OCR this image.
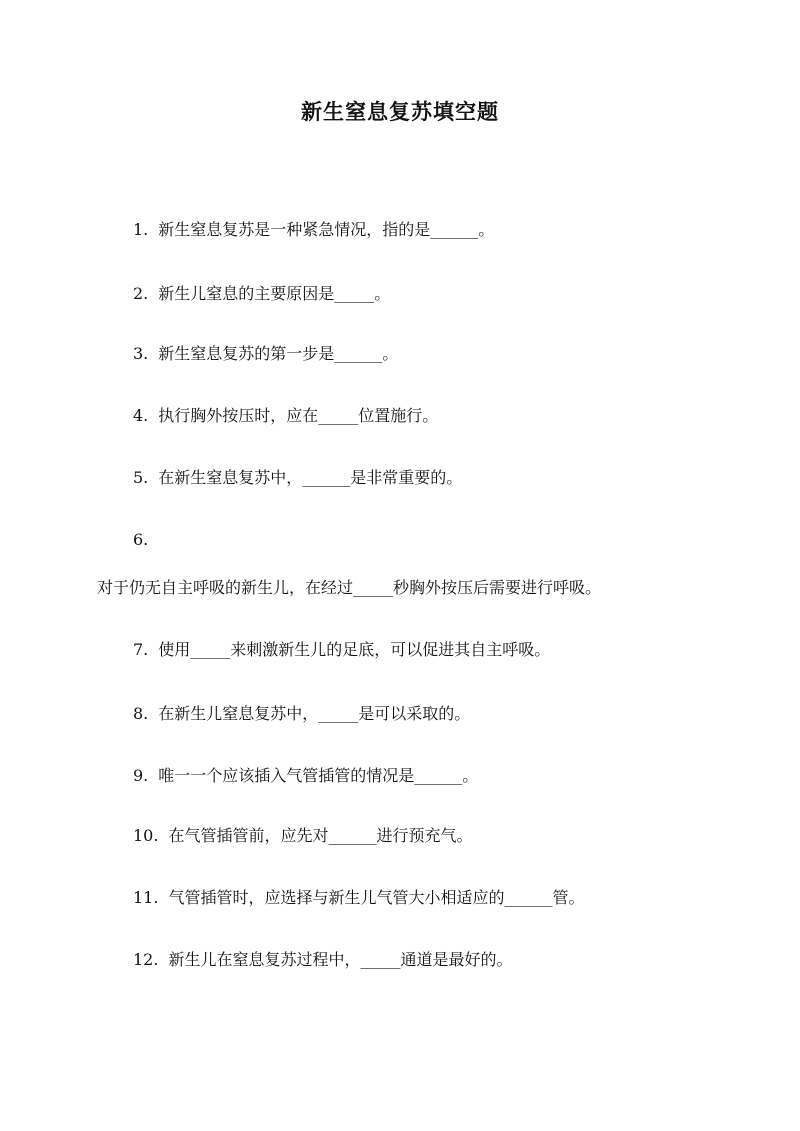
新生窒息复苏填空题
1. 新生窒息复苏是一种紧急情况，指的是______。
2. 新生儿窒息的主要原因是_____。
3. 新生窒息复苏的第一步是______。
4. 执行胸外按压时，应在_____位置施行。
5. 在新生窒息复苏中，______是非常重要的。
6.
对于仍无自主呼吸的新生儿，在经过_____秒胸外按压后需要进行呼吸。
7. 使用_____来刺激新生儿的足底，可以促进其自主呼吸。
8. 在新生儿窒息复苏中，_____是可以采取的。
9. 唯一一个应该插入气管插管的情况是______。
10. 在气管插管前，应先对______进行预充气。
11. 气管插管时，应选择与新生儿气管大小相适应的______管。
12. 新生儿在窒息复苏过程中，_____通道是最好的。
